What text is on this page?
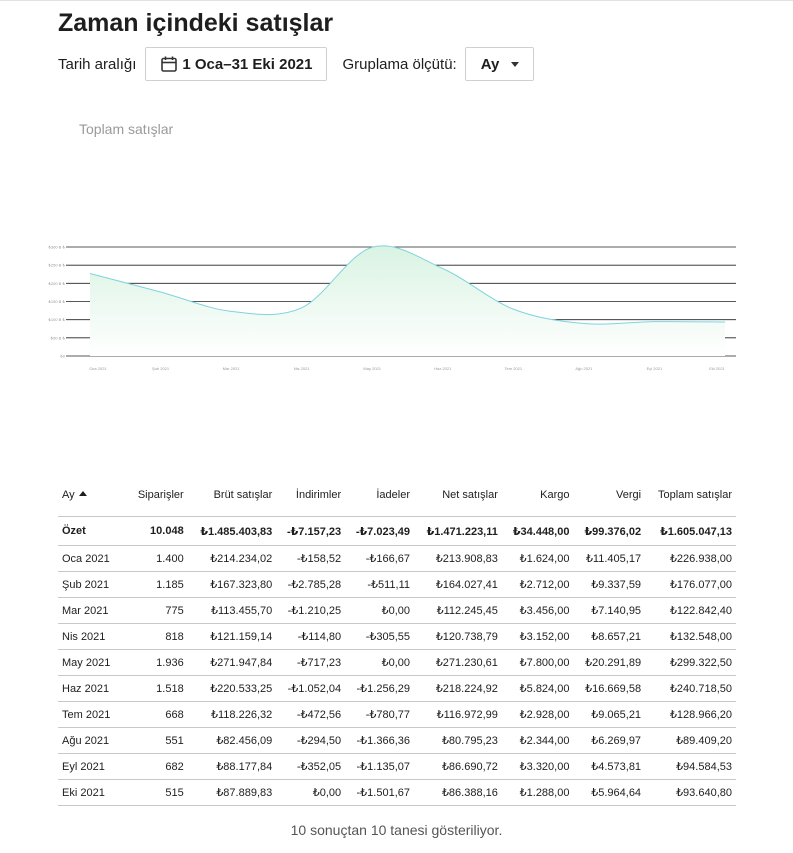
Zaman içindeki satışlar
Tarih aralığı	1 Oca–31 Eki 2021 Gruplama ölçütü: Ay
Toplam satışlar
₺0
₺50 B ₺
₺100 B ₺
₺150 B ₺
₺200 B ₺
₺250 B ₺
₺300 B ₺
Oca 2021	Şub 2021	Mar 2021	Nis 2021	May 2021	Haz 2021	Tem 2021	Ağu 2021	Eyl 2021	Eki 2021
Ay	Siparişler	Brüt satışlar	İndirimler	İadeler	Net satışlar	Kargo	Vergi	Toplam satışlar
Özet	10.048	₺1.485.403,83	-₺7.157,23	-₺7.023,49	₺1.471.223,11	₺34.448,00	₺99.376,02	₺1.605.047,13
Oca 2021	1.400	₺214.234,02	-₺158,52	-₺166,67	₺213.908,83	₺1.624,00	₺11.405,17	₺226.938,00
Şub 2021	1.185	₺167.323,80	-₺2.785,28	-₺511,11	₺164.027,41	₺2.712,00	₺9.337,59	₺176.077,00
Mar 2021	775	₺113.455,70	-₺1.210,25	₺0,00	₺112.245,45	₺3.456,00	₺7.140,95	₺122.842,40
Nis 2021	818	₺121.159,14	-₺114,80	-₺305,55	₺120.738,79	₺3.152,00	₺8.657,21	₺132.548,00
May 2021	1.936	₺271.947,84	-₺717,23	₺0,00	₺271.230,61	₺7.800,00	₺20.291,89	₺299.322,50
Haz 2021	1.518	₺220.533,25	-₺1.052,04	-₺1.256,29	₺218.224,92	₺5.824,00	₺16.669,58	₺240.718,50
Tem 2021	668	₺118.226,32	-₺472,56	-₺780,77	₺116.972,99	₺2.928,00	₺9.065,21	₺128.966,20
Ağu 2021	551	₺82.456,09	-₺294,50	-₺1.366,36	₺80.795,23	₺2.344,00	₺6.269,97	₺89.409,20
Eyl 2021	682	₺88.177,84	-₺352,05	-₺1.135,07	₺86.690,72	₺3.320,00	₺4.573,81	₺94.584,53
Eki 2021	515	₺87.889,83	₺0,00	-₺1.501,67	₺86.388,16	₺1.288,00	₺5.964,64	₺93.640,80
10 sonuçtan 10 tanesi gösteriliyor.
